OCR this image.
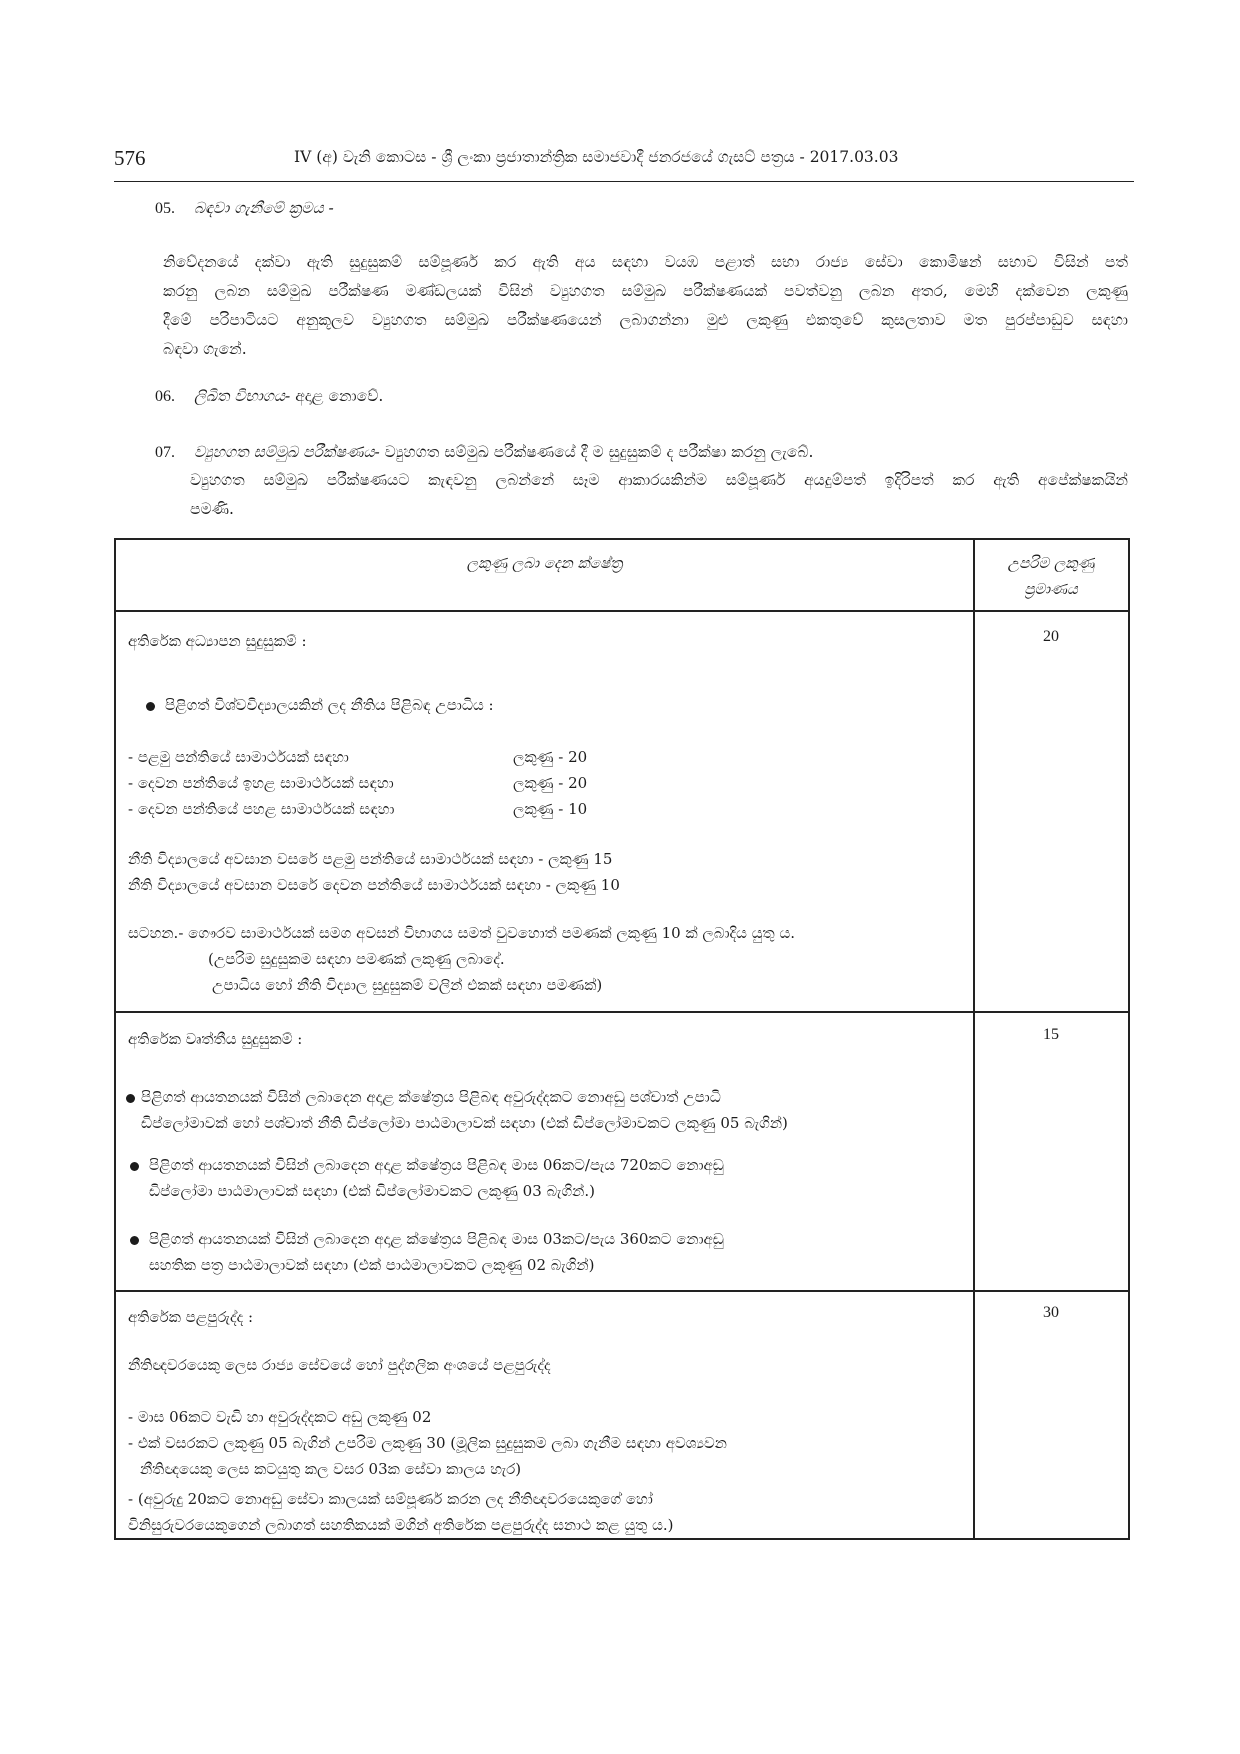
576	IV (අ) වැනි කොටස - ශ්‍රී ලංකා ප්‍රජාතාන්ත්‍රික සමාජවාදී ජනරජයේ ගැසට් පත්‍රය - 2017.03.03
05. බඳවා ගැනීමේ ක්‍රමය -
නිවේදනයේ දක්වා ඇති සුදුසුකම් සම්පූර්ණ කර ඇති අය සඳහා වයඹ පළාත් සභා රාජ්‍ය සේවා කොමිෂන් සභාව විසින් පත්
කරනු ලබන සම්මුඛ පරීක්ෂණ මණ්ඩලයක් විසින් ව්‍යුහගත සම්මුඛ පරීක්ෂණයක් පවත්වනු ලබන අතර, මෙහි දක්වෙන ලකුණු
දීමේ පරිපාටියට අනුකූලව ව්‍යුහගත සම්මුඛ පරීක්ෂණයෙන් ලබාගන්නා මුළු ලකුණු එකතුවේ කුසලතාව මත පුරප්පාඩුව සඳහා
බඳවා ගැනේ.
06. ලිඛිත විභාගය- අදාළ නොවේ.
07. ව්‍යුහගත සම්මුඛ පරීක්ෂණය- ව්‍යුහගත සම්මුඛ පරීක්ෂණයේ දී ම සුදුසුකම් ද පරීක්ෂා කරනු ලැබේ.
ව්‍යුහගත සම්මුඛ පරීක්ෂණයට කැඳවනු ලබන්නේ සෑම ආකාරයකින්ම සම්පූර්ණ අයදුම්පත් ඉදිරිපත් කර ඇති අපේක්ෂකයින්
පමණි.
ලකුණු ලබා දෙන ක්ෂේත්‍ර	උපරිම ලකුණු
ප්‍රමාණය
අතිරේක අධ්‍යාපන සුදුසුකම් :	20
පිළිගත් විශ්වවිද්‍යාලයකින් ලද නීතිය පිළිබඳ උපාධිය :
- පළමු පන්තියේ සාමාර්ථයක් සඳහා	ලකුණු - 20
- දෙවන පන්තියේ ඉහළ සාමාර්ථයක් සඳහා	ලකුණු - 20
- දෙවන පන්තියේ පහළ සාමාර්ථයක් සඳහා	ලකුණු - 10
නීති විද්‍යාලයේ අවසාන වසරේ පළමු පන්තියේ සාමාර්ථයක් සඳහා - ලකුණු 15
නීති විද්‍යාලයේ අවසාන වසරේ දෙවන පන්තියේ සාමාර්ථයක් සඳහා - ලකුණු 10
සටහන.- ගෞරව සාමාර්ථයක් සමග අවසන් විභාගය සමත් වුවහොත් පමණක් ලකුණු 10 ක් ලබාදිය යුතු ය.
(උපරිම සුදුසුකම සඳහා පමණක් ලකුණු ලබාදේ.
උපාධිය හෝ නීති විද්‍යාල සුදුසුකම් වලින් එකක් සඳහා පමණක්)
අතිරේක වෘත්තීය සුදුසුකම් :	15
පිළිගත් ආයතනයක් විසින් ලබාදෙන අදාළ ක්ෂේත්‍රය පිළිබඳ අවුරුද්දකට නොඅඩු පශ්චාත් උපාධි
ඩිප්ලෝමාවක් හෝ පශ්චාත් නීති ඩිප්ලෝමා පාඨමාලාවක් සඳහා (එක් ඩිප්ලෝමාවකට ලකුණු 05 බැගින්)
පිළිගත් ආයතනයක් විසින් ලබාදෙන අදාළ ක්ෂේත්‍රය පිළිබඳ මාස 06කට/පැය 720කට නොඅඩු
ඩිප්ලෝමා පාඨමාලාවක් සඳහා (එක් ඩිප්ලෝමාවකට ලකුණු 03 බැගින්.)
පිළිගත් ආයතනයක් විසින් ලබාදෙන අදාළ ක්ෂේත්‍රය පිළිබඳ මාස 03කට/පැය 360කට නොඅඩු
සහතික පත්‍ර පාඨමාලාවක් සඳහා (එක් පාඨමාලාවකට ලකුණු 02 බැගින්)
අතිරේක පළපුරුද්ද :	30
නීතිඥවරයෙකු ලෙස රාජ්‍ය සේවයේ හෝ පුද්ගලික අංශයේ පළපුරුද්ද
- මාස 06කට වැඩි හා අවුරුද්දකට අඩු ලකුණු 02
- එක් වසරකට ලකුණු 05 බැගින් උපරිම ලකුණු 30 (මූලික සුදුසුකම ලබා ගැනීම සඳහා අවශ්‍යවන
නීතිඥයෙකු ලෙස කටයුතු කල වසර 03ක සේවා කාලය හැර)
- (අවුරුදු 20කට නොඅඩු සේවා කාලයක් සම්පූර්ණ කරන ලද නීතිඥවරයෙකුගේ හෝ
විනිසුරුවරයෙකුගෙන් ලබාගත් සහතිකයක් මගින් අතිරේක පළපුරුද්ද සනාථ කළ යුතු ය.)
